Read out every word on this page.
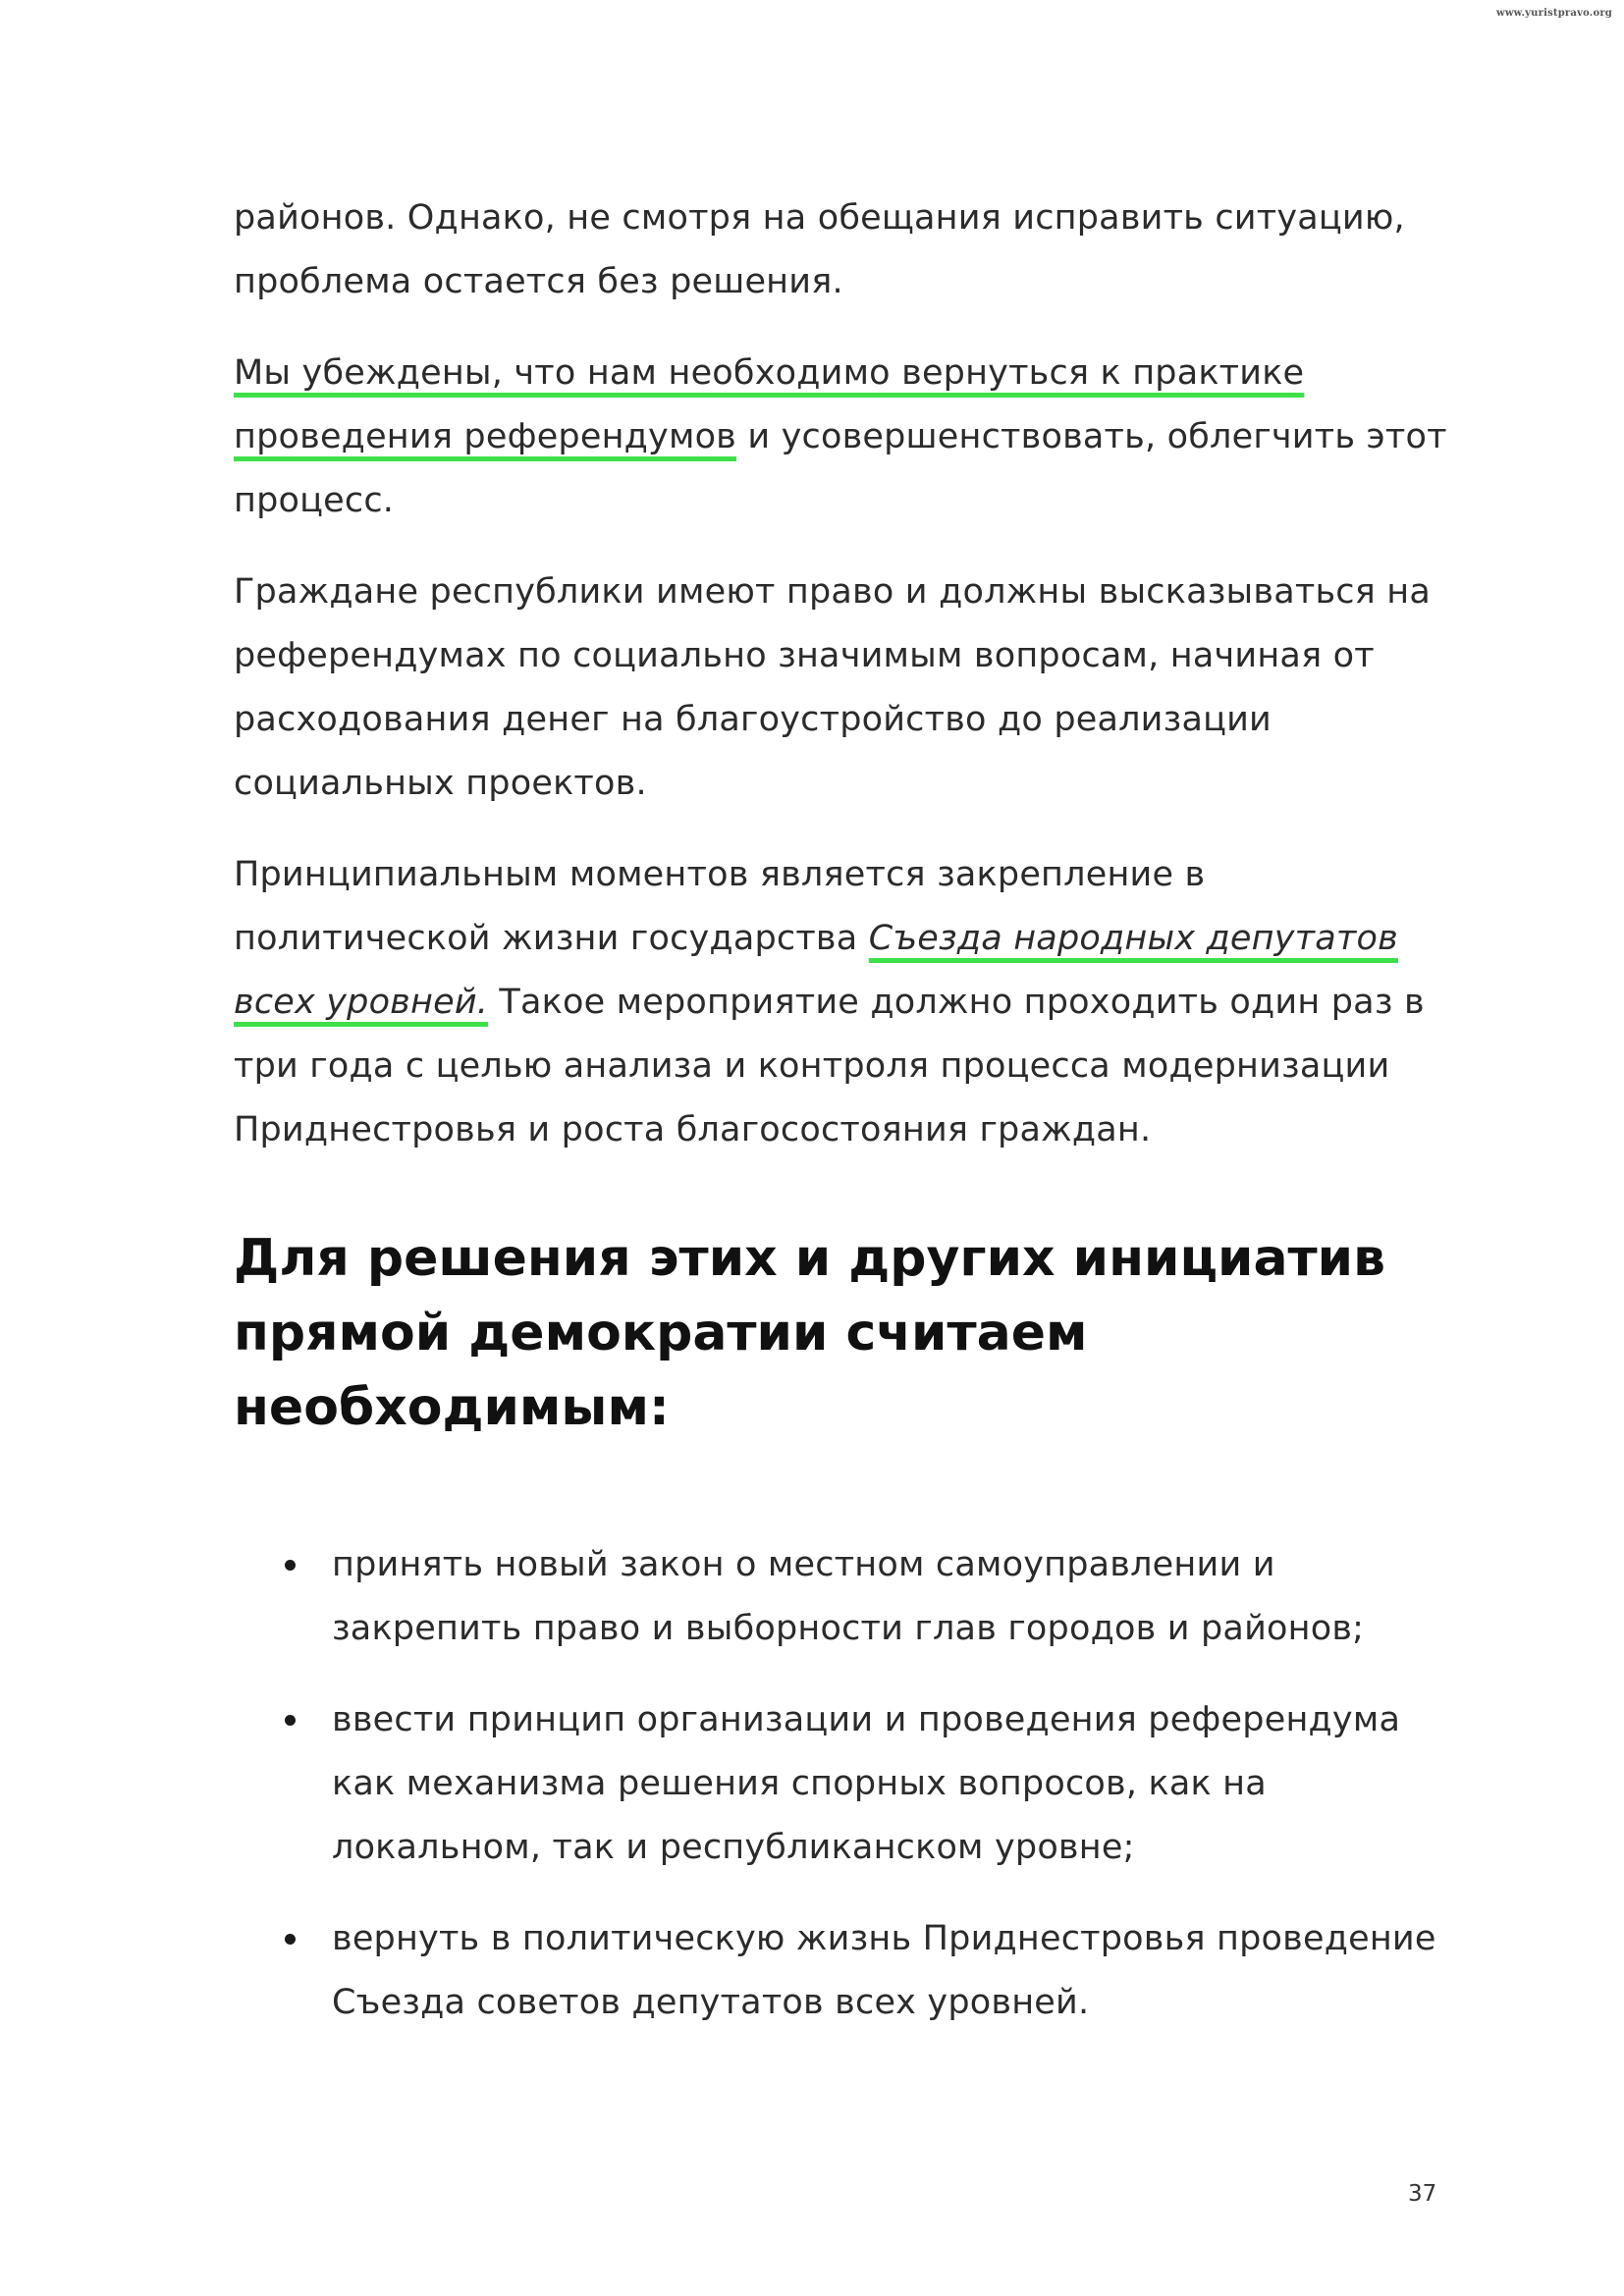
www.yuristpravo.org

районов. Однако, не смотря на обещания исправить ситуацию, проблема остается без решения.

Мы убеждены, что нам необходимо вернуться к практике проведения референдумов и усовершенствовать, облегчить этот процесс.

Граждане республики имеют право и должны высказываться на референдумах по социально значимым вопросам, начиная от расходования денег на благоустройство до реализации социальных проектов.

Принципиальным моментов является закрепление в политической жизни государства Съезда народных депутатов всех уровней. Такое мероприятие должно проходить один раз в три года с целью анализа и контроля процесса модернизации Приднестровья и роста благосостояния граждан.

Для решения этих и других инициатив прямой демократии считаем необходимым:
принять новый закон о местном самоуправлении и закрепить право и выборности глав городов и районов;
ввести принцип организации и проведения референдума как механизма решения спорных вопросов, как на локальном, так и республиканском уровне;
вернуть в политическую жизнь Приднестровья проведение Съезда советов депутатов всех уровней.
37
